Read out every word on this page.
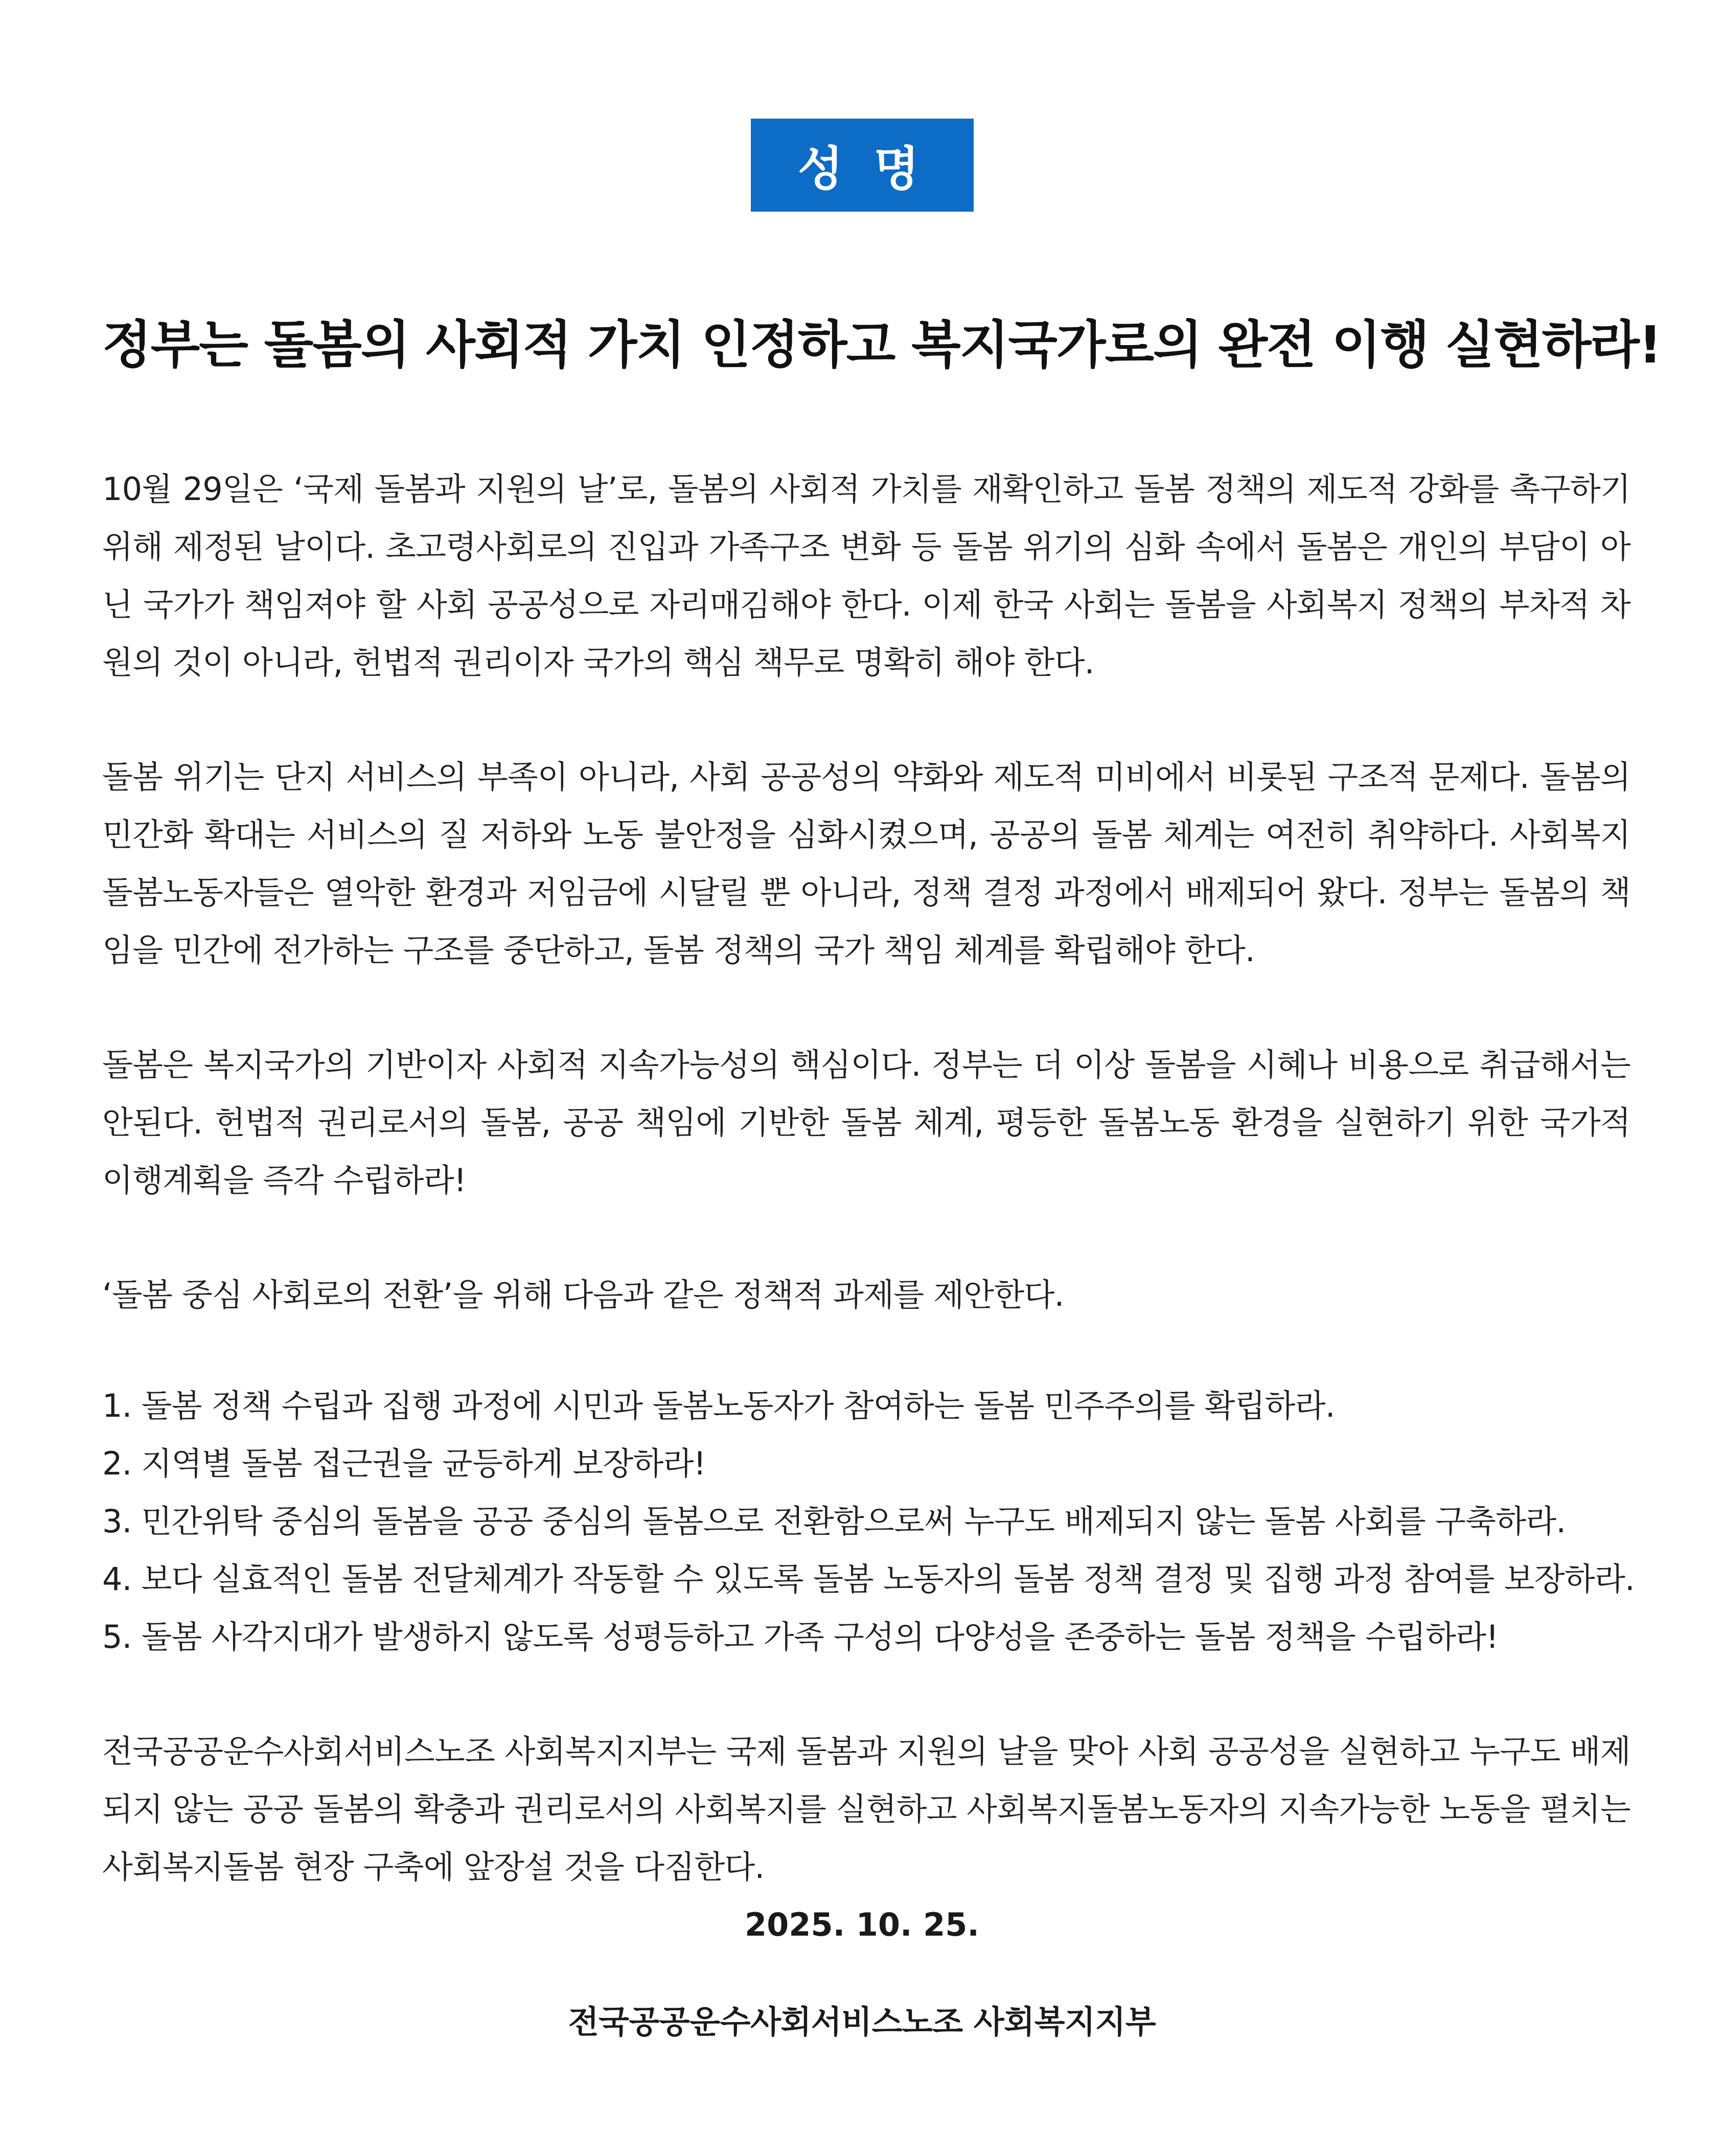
성 명
정부는 돌봄의 사회적 가치 인정하고 복지국가로의 완전 이행 실현하라!

10월 29일은 ‘국제 돌봄과 지원의 날’로, 돌봄의 사회적 가치를 재확인하고 돌봄 정책의 제도적 강화를 촉구하기 위해 제정된 날이다. 초고령사회로의 진입과 가족구조 변화 등 돌봄 위기의 심화 속에서 돌봄은 개인의 부담이 아닌 국가가 책임져야 할 사회 공공성으로 자리매김해야 한다. 이제 한국 사회는 돌봄을 사회복지 정책의 부차적 차원의 것이 아니라, 헌법적 권리이자 국가의 핵심 책무로 명확히 해야 한다.

돌봄 위기는 단지 서비스의 부족이 아니라, 사회 공공성의 약화와 제도적 미비에서 비롯된 구조적 문제다. 돌봄의 민간화 확대는 서비스의 질 저하와 노동 불안정을 심화시켰으며, 공공의 돌봄 체계는 여전히 취약하다. 사회복지돌봄노동자들은 열악한 환경과 저임금에 시달릴 뿐 아니라, 정책 결정 과정에서 배제되어 왔다. 정부는 돌봄의 책임을 민간에 전가하는 구조를 중단하고, 돌봄 정책의 국가 책임 체계를 확립해야 한다.

돌봄은 복지국가의 기반이자 사회적 지속가능성의 핵심이다. 정부는 더 이상 돌봄을 시혜나 비용으로 취급해서는 안된다. 헌법적 권리로서의 돌봄, 공공 책임에 기반한 돌봄 체계, 평등한 돌봄노동 환경을 실현하기 위한 국가적 이행계획을 즉각 수립하라!

‘돌봄 중심 사회로의 전환’을 위해 다음과 같은 정책적 과제를 제안한다.

1. 돌봄 정책 수립과 집행 과정에 시민과 돌봄노동자가 참여하는 돌봄 민주주의를 확립하라.
2. 지역별 돌봄 접근권을 균등하게 보장하라!
3. 민간위탁 중심의 돌봄을 공공 중심의 돌봄으로 전환함으로써 누구도 배제되지 않는 돌봄 사회를 구축하라.
4. 보다 실효적인 돌봄 전달체계가 작동할 수 있도록 돌봄 노동자의 돌봄 정책 결정 및 집행 과정 참여를 보장하라.
5. 돌봄 사각지대가 발생하지 않도록 성평등하고 가족 구성의 다양성을 존중하는 돌봄 정책을 수립하라!

전국공공운수사회서비스노조 사회복지지부는 국제 돌봄과 지원의 날을 맞아 사회 공공성을 실현하고 누구도 배제되지 않는 공공 돌봄의 확충과 권리로서의 사회복지를 실현하고 사회복지돌봄노동자의 지속가능한 노동을 펼치는 사회복지돌봄 현장 구축에 앞장설 것을 다짐한다.

2025. 10. 25.
전국공공운수사회서비스노조 사회복지지부
